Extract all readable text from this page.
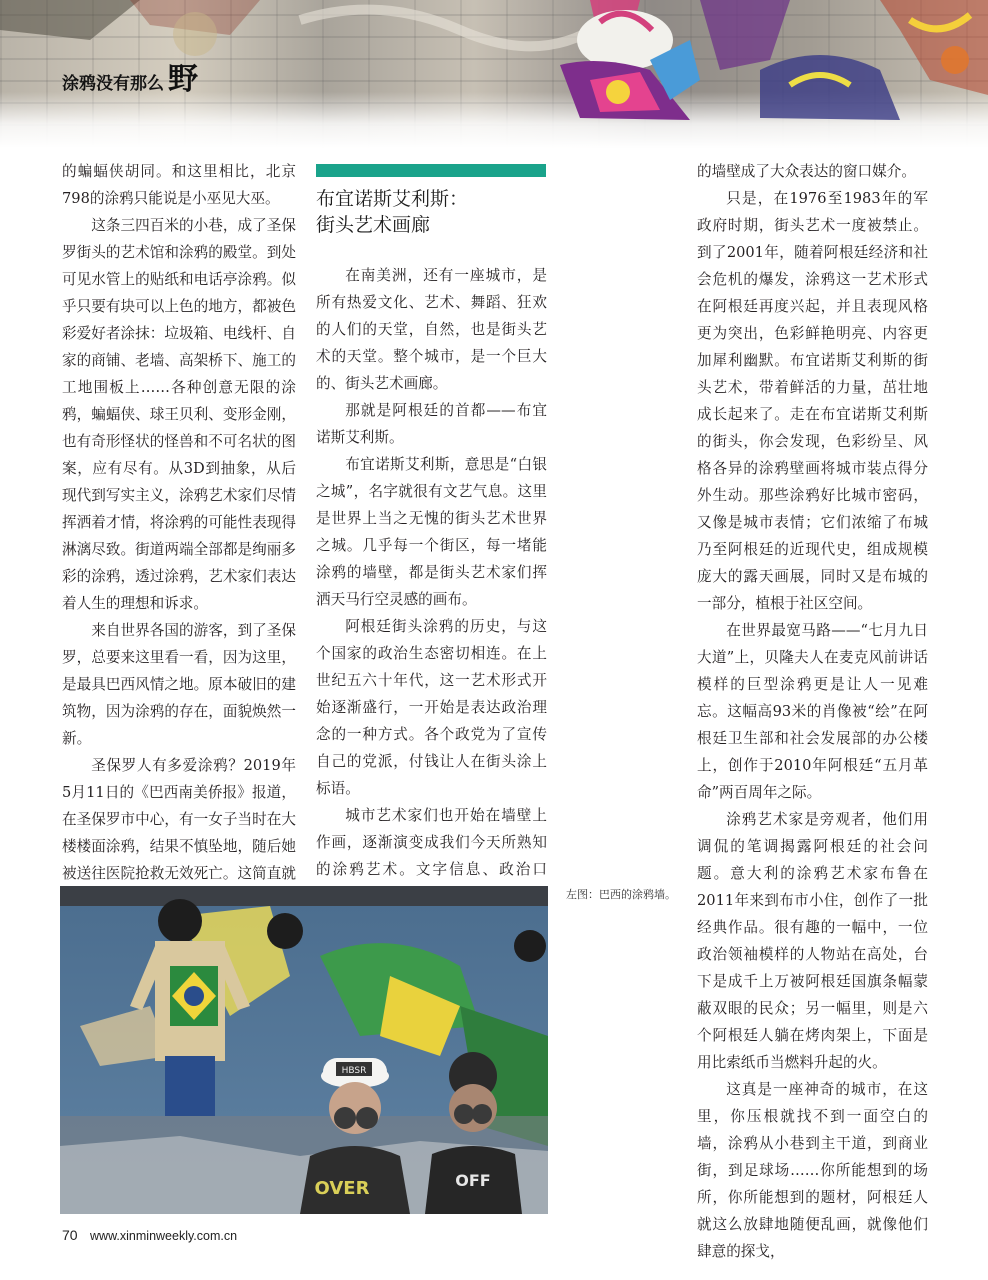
涂鸦没有那么 野

的蝙蝠侠胡同。和这里相比，北京798的涂鸦只能说是小巫见大巫。

这条三四百米的小巷，成了圣保罗街头的艺术馆和涂鸦的殿堂。到处可见水管上的贴纸和电话亭涂鸦。似乎只要有块可以上色的地方，都被色彩爱好者涂抹：垃圾箱、电线杆、自家的商铺、老墙、高架桥下、施工的工地围板上……各种创意无限的涂鸦，蝙蝠侠、球王贝利、变形金刚，也有奇形怪状的怪兽和不可名状的图案，应有尽有。从3D到抽象，从后现代到写实主义，涂鸦艺术家们尽情挥洒着才情，将涂鸦的可能性表现得淋漓尽致。街道两端全部都是绚丽多彩的涂鸦，透过涂鸦，艺术家们表达着人生的理想和诉求。

来自世界各国的游客，到了圣保罗，总要来这里看一看，因为这里，是最具巴西风情之地。原本破旧的建筑物，因为涂鸦的存在，面貌焕然一新。

圣保罗人有多爱涂鸦？2019年5月11日的《巴西南美侨报》报道，在圣保罗市中心，有一女子当时在大楼楼面涂鸦，结果不慎坠地，随后她被送往医院抢救无效死亡。这简直就

布宜诺斯艾利斯：
街头艺术画廊

在南美洲，还有一座城市，是所有热爱文化、艺术、舞蹈、狂欢的人们的天堂，自然，也是街头艺术的天堂。整个城市，是一个巨大的、街头艺术画廊。

那就是阿根廷的首都——布宜诺斯艾利斯。

布宜诺斯艾利斯，意思是“白银之城”，名字就很有文艺气息。这里是世界上当之无愧的街头艺术世界之城。几乎每一个街区，每一堵能涂鸦的墙壁，都是街头艺术家们挥洒天马行空灵感的画布。

阿根廷街头涂鸦的历史，与这个国家的政治生态密切相连。在上世纪五六十年代，这一艺术形式开始逐渐盛行，一开始是表达政治理念的一种方式。各个政党为了宣传自己的党派，付钱让人在街头涂上标语。

城市艺术家们也开始在墙壁上作画，逐渐演变成我们今天所熟知的涂鸦艺术。文字信息、政治口

的墙壁成了大众表达的窗口媒介。

只是，在1976至1983年的军政府时期，街头艺术一度被禁止。到了2001年，随着阿根廷经济和社会危机的爆发，涂鸦这一艺术形式在阿根廷再度兴起，并且表现风格更为突出，色彩鲜艳明亮、内容更加犀利幽默。布宜诺斯艾利斯的街头艺术，带着鲜活的力量，茁壮地成长起来了。走在布宜诺斯艾利斯的街头，你会发现，色彩纷呈、风格各异的涂鸦壁画将城市装点得分外生动。那些涂鸦好比城市密码，又像是城市表情；它们浓缩了布城乃至阿根廷的近现代史，组成规模庞大的露天画展，同时又是布城的一部分，植根于社区空间。

在世界最宽马路——“七月九日大道”上，贝隆夫人在麦克风前讲话模样的巨型涂鸦更是让人一见难忘。这幅高93米的肖像被“绘”在阿根廷卫生部和社会发展部的办公楼上，创作于2010年阿根廷“五月革命”两百周年之际。

涂鸦艺术家是旁观者，他们用调侃的笔调揭露阿根廷的社会问题。意大利的涂鸦艺术家布鲁在2011年来到布市小住，创作了一批经典作品。很有趣的一幅中，一位政治领袖模样的人物站在高处，台下是成千上万被阿根廷国旗条幅蒙蔽双眼的民众；另一幅里，则是六个阿根廷人躺在烤肉架上，下面是用比索纸币当燃料升起的火。

这真是一座神奇的城市，在这里，你压根就找不到一面空白的墙，涂鸦从小巷到主干道，到商业街，到足球场……你所能想到的场所，你所能想到的题材，阿根廷人就这么放肆地随便乱画，就像他们肆意的探戈，

HBSR
OVER	OFF
左图：巴西的涂鸦墙。
70 www.xinminweekly.com.cn
